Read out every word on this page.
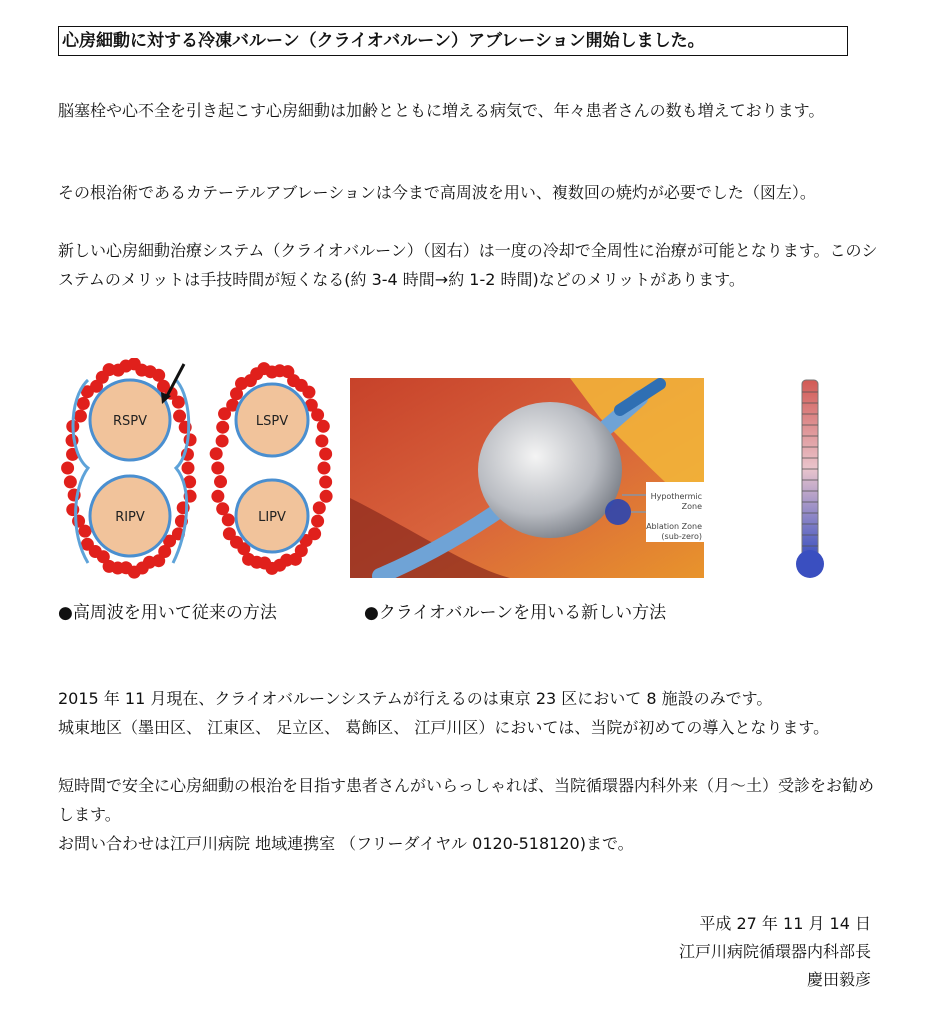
心房細動に対する冷凍バルーン（クライオバルーン）アブレーション開始しました。

脳塞栓や心不全を引き起こす心房細動は加齢とともに増える病気で、年々患者さんの数も増えております。

その根治術であるカテーテルアブレーションは今まで高周波を用い、複数回の焼灼が必要でした（図左）。

新しい心房細動治療システム（クライオバルーン）（図右）は一度の冷却で全周性に治療が可能となります。このシステムのメリットは手技時間が短くなる(約 3-4 時間→約 1-2 時間)などのメリットがあります。

RSPV
RIPV
LSPV
LIPV
Hypothermic
Zone
Ablation Zone
(sub-zero)
●高周波を用いて従来の方法	●クライオバルーンを用いる新しい方法

2015 年 11 月現在、クライオバルーンシステムが行えるのは東京 23 区において 8 施設のみです。

城東地区（墨田区、 江東区、 足立区、 葛飾区、 江戸川区）においては、当院が初めての導入となります。

短時間で安全に心房細動の根治を目指す患者さんがいらっしゃれば、当院循環器内科外来（月～土）受診をお勧めします。

お問い合わせは江戸川病院 地域連携室 （フリーダイヤル 0120-518120)まで。

平成 27 年 11 月 14 日
江戸川病院循環器内科部長
慶田毅彦
